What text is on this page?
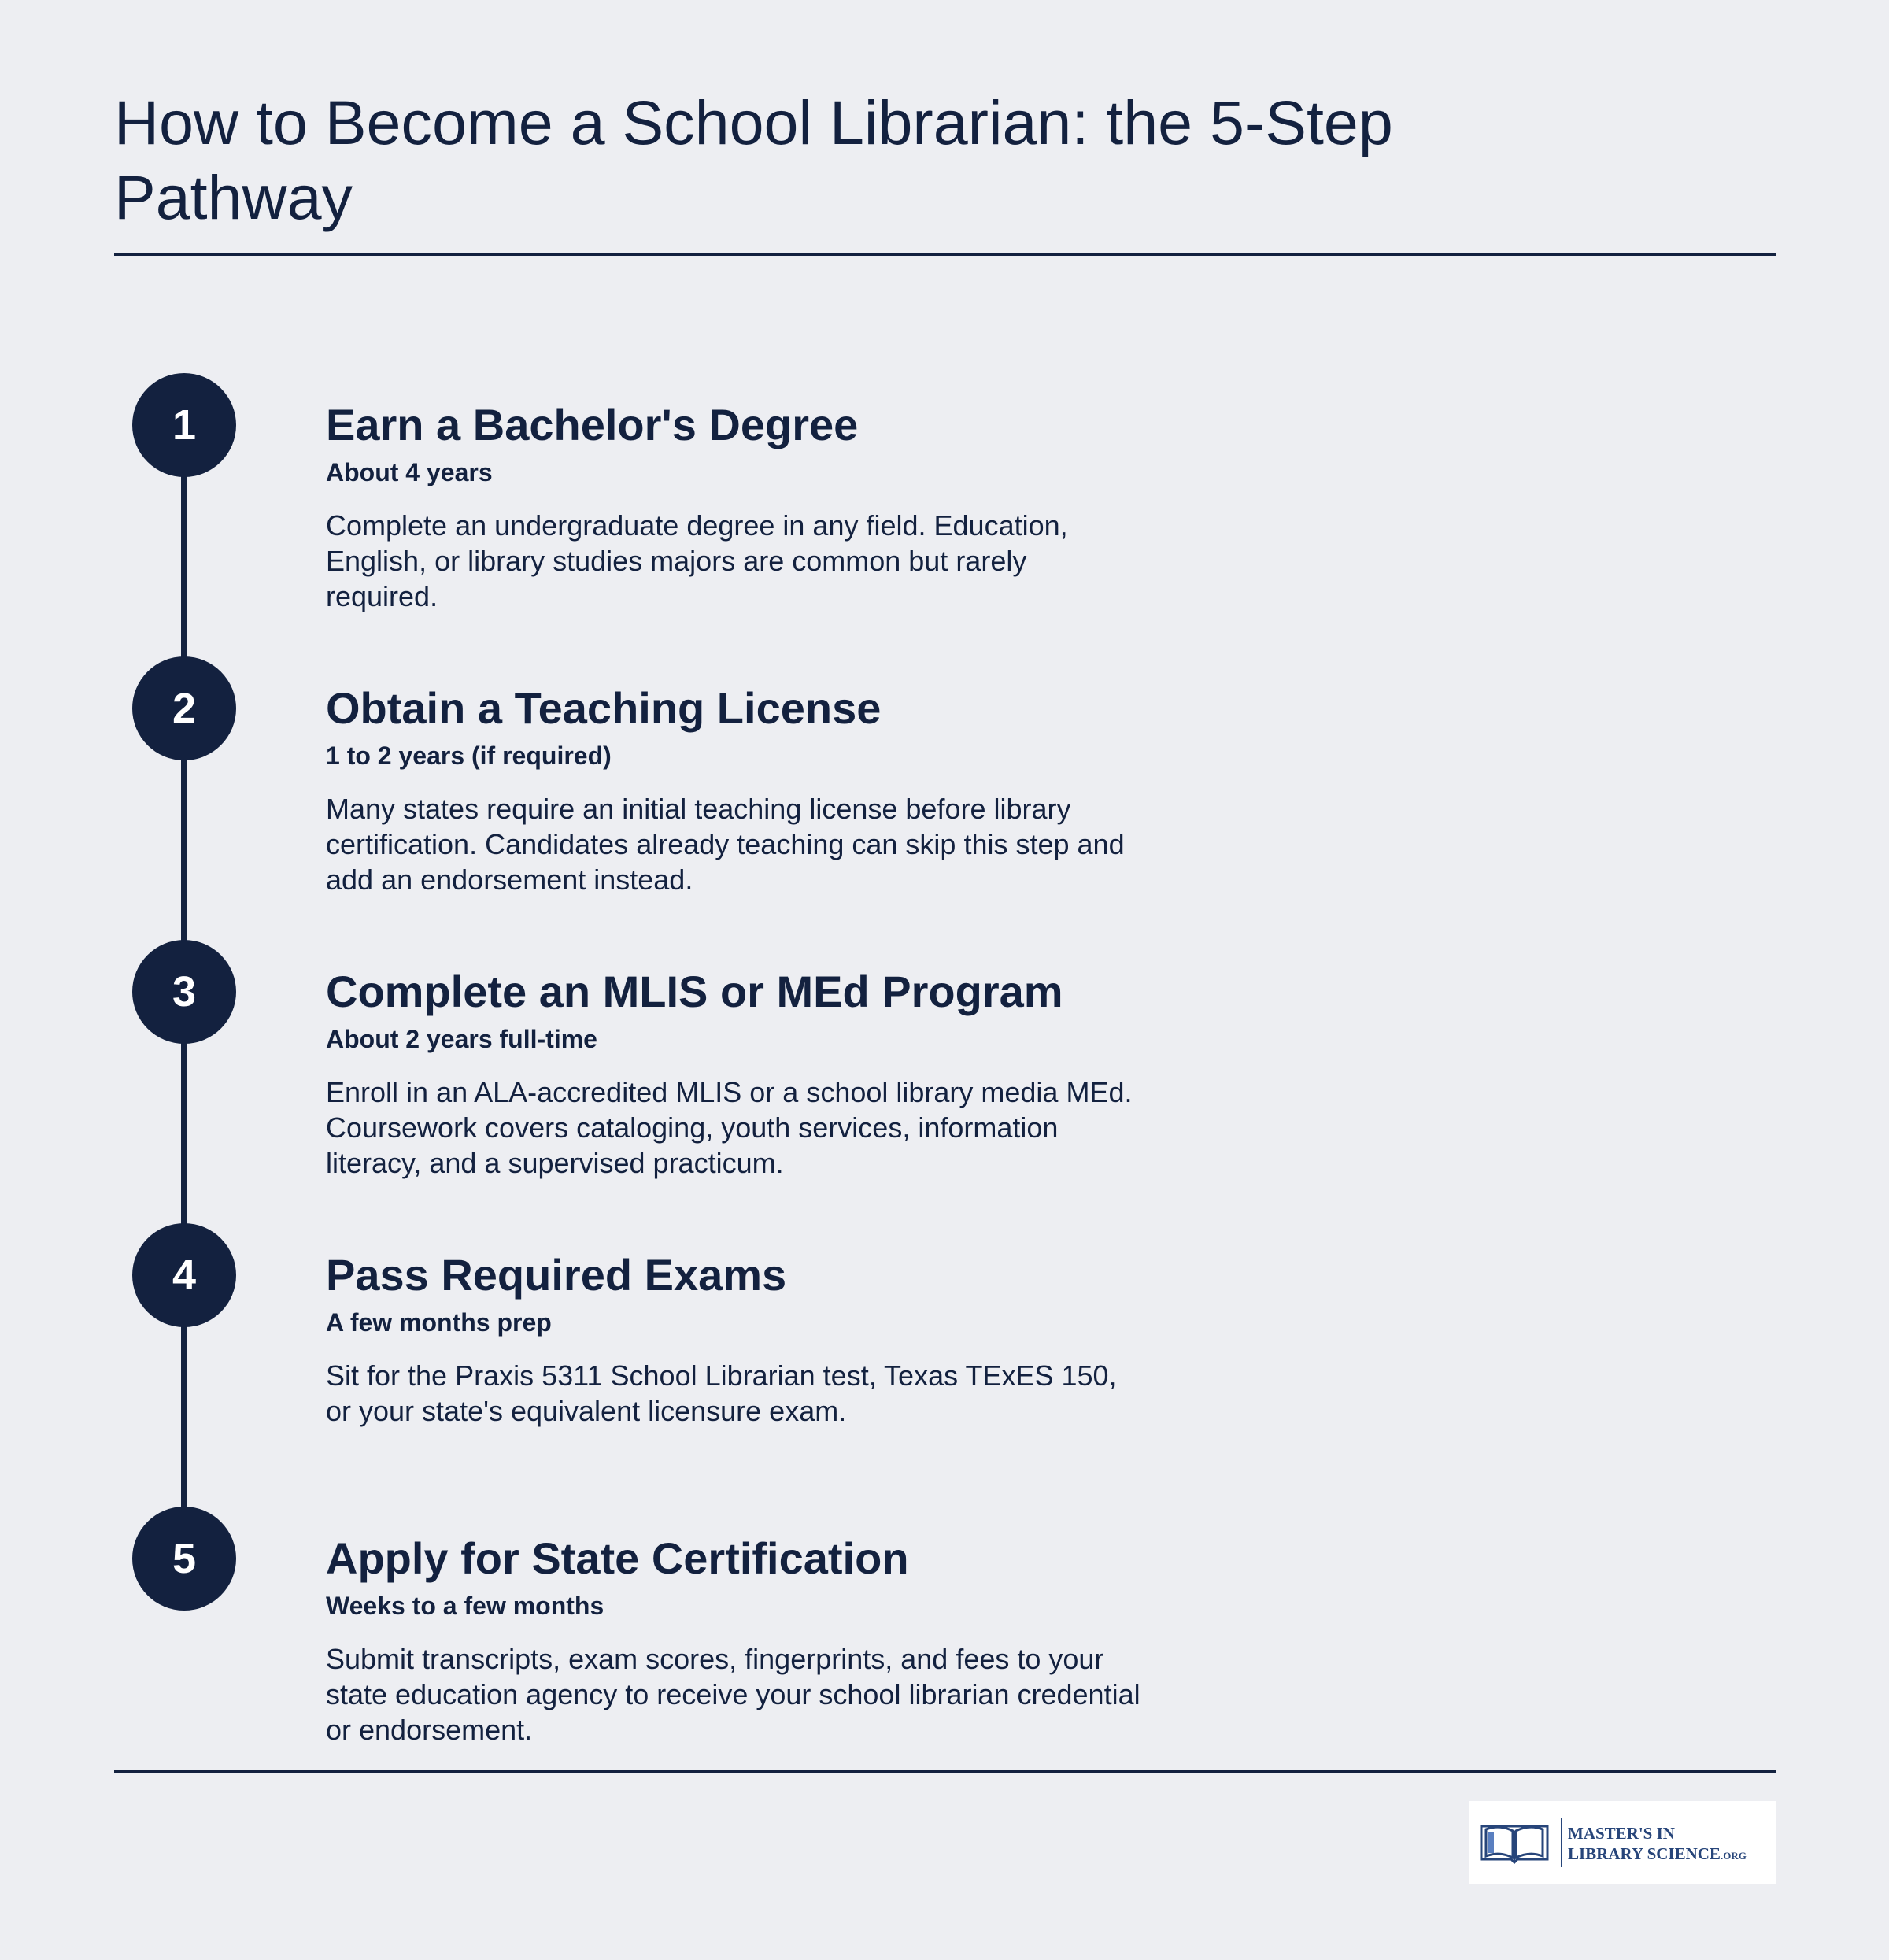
How to Become a School Librarian: the 5-Step Pathway
1	Earn a Bachelor's Degree

About 4 years

Complete an undergraduate degree in any field. Education, English, or library studies majors are common but rarely required.

2	Obtain a Teaching License

1 to 2 years (if required)

Many states require an initial teaching license before library certification. Candidates already teaching can skip this step and add an endorsement instead.

3	Complete an MLIS or MEd Program

About 2 years full-time

Enroll in an ALA-accredited MLIS or a school library media MEd. Coursework covers cataloging, youth services, information literacy, and a supervised practicum.

4	Pass Required Exams

A few months prep

Sit for the Praxis 5311 School Librarian test, Texas TExES 150, or your state's equivalent licensure exam.

5	Apply for State Certification

Weeks to a few months

Submit transcripts, exam scores, fingerprints, and fees to your state education agency to receive your school librarian credential or endorsement.

MASTER'S IN
LIBRARY SCIENCE.ORG
